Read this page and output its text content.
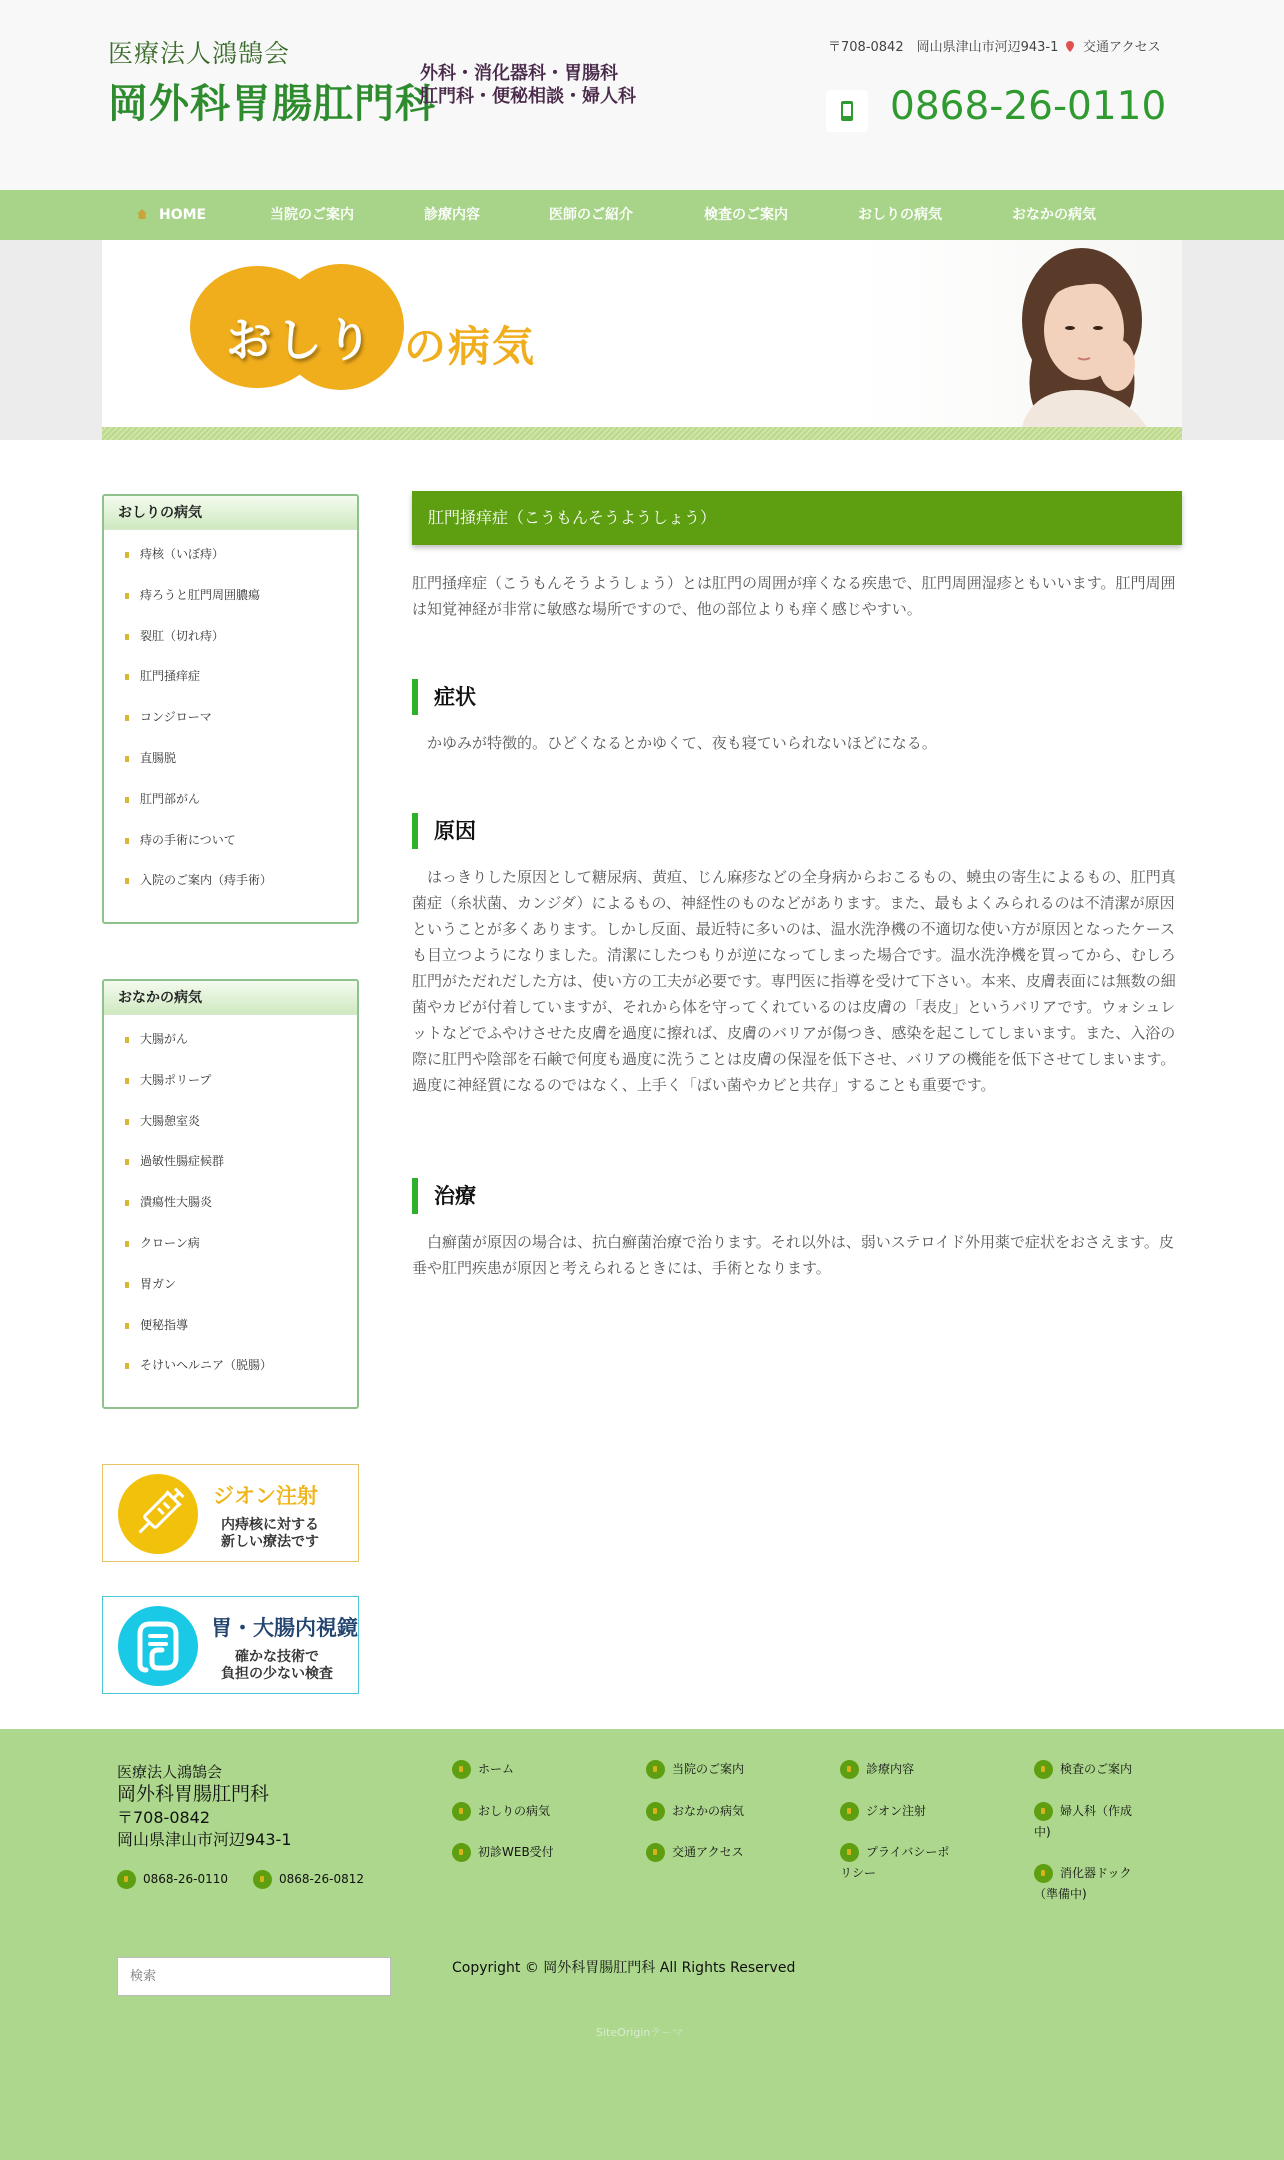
医療法人鴻鵠会
岡外科胃腸肛門科
外科・消化器科・胃腸科
肛門科・便秘相談・婦人科
〒708-0842　岡山県津山市河辺943-1	交通アクセス
0868-26-0110
HOME	当院のご案内	診療内容	医師のご紹介	検査のご案内	おしりの病気	おなかの病気
おしり の病気
おしりの病気
痔核（いぼ痔）
痔ろうと肛門周囲膿瘍
裂肛（切れ痔）
肛門掻痒症
コンジローマ
直腸脱
肛門部がん
痔の手術について
入院のご案内（痔手術）
おなかの病気
大腸がん
大腸ポリープ
大腸憩室炎
過敏性腸症候群
潰瘍性大腸炎
クローン病
胃ガン
便秘指導
そけいヘルニア（脱腸）
ジオン注射
内痔核に対する
新しい療法です
胃・大腸内視鏡
確かな技術で
負担の少ない検査
肛門掻痒症（こうもんそうようしょう）
肛門掻痒症（こうもんそうようしょう）とは肛門の周囲が痒くなる疾患で、肛門周囲湿疹ともいいます。肛門周囲は知覚神経が非常に敏感な場所ですので、他の部位よりも痒く感じやすい。
症状
かゆみが特徴的。ひどくなるとかゆくて、夜も寝ていられないほどになる。
原因
はっきりした原因として糖尿病、黄疸、じん麻疹などの全身病からおこるもの、蟯虫の寄生によるもの、肛門真菌症（糸状菌、カンジダ）によるもの、神経性のものなどがあります。また、最もよくみられるのは不清潔が原因ということが多くあります。しかし反面、最近特に多いのは、温水洗浄機の不適切な使い方が原因となったケースも目立つようになりました。清潔にしたつもりが逆になってしまった場合です。温水洗浄機を買ってから、むしろ肛門がただれだした方は、使い方の工夫が必要です。専門医に指導を受けて下さい。本来、皮膚表面には無数の細菌やカビが付着していますが、それから体を守ってくれているのは皮膚の「表皮」というバリアです。ウォシュレットなどでふやけさせた皮膚を過度に擦れば、皮膚のバリアが傷つき、感染を起こしてしまいます。また、入浴の際に肛門や陰部を石鹸で何度も過度に洗うことは皮膚の保湿を低下させ、バリアの機能を低下させてしまいます。過度に神経質になるのではなく、上手く「ばい菌やカビと共存」することも重要です。
治療
白癬菌が原因の場合は、抗白癬菌治療で治ります。それ以外は、弱いステロイド外用薬で症状をおさえます。皮垂や肛門疾患が原因と考えられるときには、手術となります。
医療法人鴻鵠会
岡外科胃腸肛門科
〒708-0842
岡山県津山市河辺943-1
0868-26-0110	0868-26-0812
ホーム
おしりの病気
初診WEB受付
当院のご案内
おなかの病気
交通アクセス
診療内容
ジオン注射
プライバシーポ
リシー
検査のご案内
婦人科（作成
中)
消化器ドック
（準備中)
検索
Copyright © 岡外科胃腸肛門科 All Rights Reserved
SiteOriginテーマ
